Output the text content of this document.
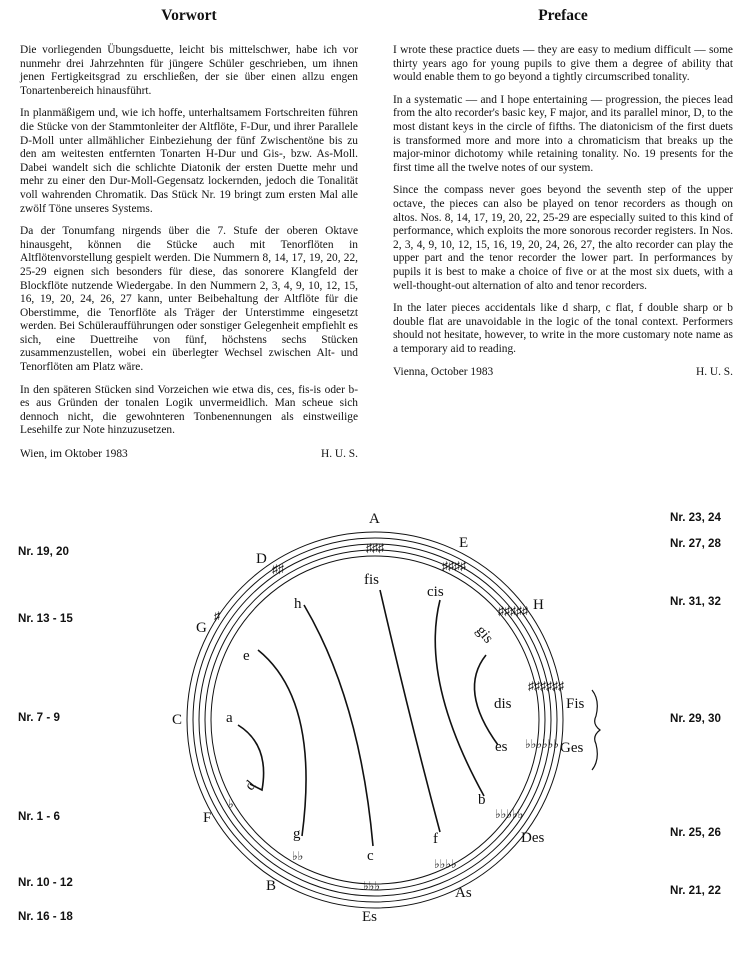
Vorwort

Die vorliegenden Übungsduette, leicht bis mittelschwer, habe ich vor nunmehr drei Jahrzehnten für jüngere Schüler geschrieben, um ihnen jenen Fertigkeitsgrad zu erschließen, der sie über einen allzu engen Tonartenbereich hinausführt.

In planmäßigem und, wie ich hoffe, unterhaltsamem Fortschreiten führen die Stücke von der Stammtonleiter der Altflöte, F-Dur, und ihrer Parallele D-Moll unter allmählicher Einbeziehung der fünf Zwischentöne bis zu den am weitesten entfernten Tonarten H-Dur und Gis-, bzw. As-Moll. Dabei wandelt sich die schlichte Diatonik der ersten Duette mehr und mehr zu einer den Dur-Moll-Gegensatz lockernden, jedoch die Tonalität voll wahrenden Chromatik. Das Stück Nr. 19 bringt zum ersten Mal alle zwölf Töne unseres Systems.

Da der Tonumfang nirgends über die 7. Stufe der oberen Oktave hinausgeht, können die Stücke auch mit Tenorflöten in Altflötenvorstellung gespielt werden. Die Nummern 8, 14, 17, 19, 20, 22, 25-29 eignen sich besonders für diese, das sonorere Klangfeld der Blockflöte nutzende Wiedergabe. In den Nummern 2, 3, 4, 9, 10, 12, 15, 16, 19, 20, 24, 26, 27 kann, unter Beibehaltung der Altflöte für die Oberstimme, die Tenorflöte als Träger der Unterstimme eingesetzt werden. Bei Schüleraufführungen oder sonstiger Gelegenheit empfiehlt es sich, eine Duettreihe von fünf, höchstens sechs Stücken zusammenzustellen, wobei ein überlegter Wechsel zwischen Alt- und Tenorflöten am Platz wäre.

In den späteren Stücken sind Vorzeichen wie etwa dis, ces, fis-is oder b-es aus Gründen der tonalen Logik unvermeidlich. Man scheue sich dennoch nicht, die gewohnteren Tonbenennungen als einstweilige Lesehilfe zur Note hinzuzusetzen.

Wien, im Oktober 1983	H. U. S.
Preface

I wrote these practice duets — they are easy to medium difficult — some thirty years ago for young pupils to give them a degree of ability that would enable them to go beyond a tightly circumscribed tonality.

In a systematic — and I hope entertaining — progression, the pieces lead from the alto recorder's basic key, F major, and its parallel minor, D, to the most distant keys in the circle of fifths. The diatonicism of the first duets is transformed more and more into a chromaticism that breaks up the major-minor dichotomy while retaining tonality. No. 19 presents for the first time all the twelve notes of our system.

Since the compass never goes beyond the seventh step of the upper octave, the pieces can also be played on tenor recorders as though on altos. Nos. 8, 14, 17, 19, 20, 22, 25-29 are especially suited to this kind of performance, which exploits the more sonorous recorder registers. In Nos. 2, 3, 4, 9, 10, 12, 15, 16, 19, 20, 24, 26, 27, the alto recorder can play the upper part and the tenor recorder the lower part. In performances by pupils it is best to make a choice of five or at the most six duets, with a well-thought-out alternation of alto and tenor recorders.

In the later pieces accidentals like d sharp, c flat, f double sharp or b double flat are unavoidable in the logic of the tonal context. Performers should not hesitate, however, to write in the more customary note name as a temporary aid to reading.

Vienna, October 1983	H. U. S.
Nr. 19, 20
Nr. 13 - 15
Nr. 7 - 9
Nr. 1 - 6
Nr. 10 - 12
Nr. 16 - 18
Nr. 23, 24
Nr. 27, 28
Nr. 31, 32
Nr. 29, 30
Nr. 25, 26
Nr. 21, 22
♯♯♯
♯♯♯♯
♯♯♯♯♯
♯♯♯♯♯♯
♭♭♭♭♭♭
♭♭♭♭♭
♭♭♭♭
♭♭♭
♭♭
♭
♯♯
♯
A
E
H
Fis
Ges
Des
As
Es
B
F
C
G
D
fis
cis
gis
dis
es
b
f
c
g
d
a
e
h
